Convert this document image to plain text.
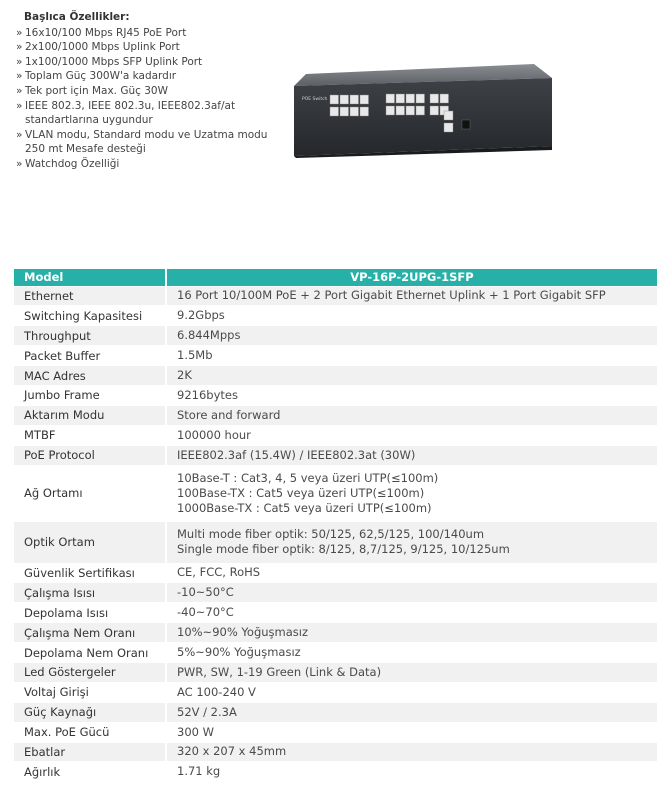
Başlıca Özellikler:
» 16x10/100 Mbps RJ45 PoE Port
» 2x100/1000 Mbps Uplink Port
» 1x100/1000 Mbps SFP Uplink Port
» Toplam Güç 300W'a kadardır
» Tek port için Max. Güç 30W
» IEEE 802.3, IEEE 802.3u, IEEE802.3af/at standartlarına uygundur
» VLAN modu, Standard modu ve Uzatma modu 250 mt Mesafe desteği
» Watchdog Özelliği
POE Switch
Model	VP-16P-2UPG-1SFP
Ethernet	16 Port 10/100M PoE + 2 Port Gigabit Ethernet Uplink + 1 Port Gigabit SFP

Switching Kapasitesi	9.2Gbps

Throughput	6.844Mpps

Packet Buffer	1.5Mb

MAC Adres	2K

Jumbo Frame	9216bytes

Aktarım Modu	Store and forward

MTBF	100000 hour

PoE Protocol	IEEE802.3af (15.4W) / IEEE802.3at (30W)

Ağ Ortamı	10Base-T : Cat3, 4, 5 veya üzeri UTP(≤100m)
100Base-TX : Cat5 veya üzeri UTP(≤100m)
1000Base-TX : Cat5 veya üzeri UTP(≤100m)

Optik Ortam	Multi mode fiber optik: 50/125, 62,5/125, 100/140um
Single mode fiber optik: 8/125, 8,7/125, 9/125, 10/125um

Güvenlik Sertifikası	CE, FCC, RoHS

Çalışma Isısı	-10~50°C

Depolama Isısı	-40~70°C

Çalışma Nem Oranı	10%~90% Yoğuşmasız

Depolama Nem Oranı	5%~90% Yoğuşmasız

Led Göstergeler	PWR, SW, 1-19 Green (Link & Data)

Voltaj Girişi	AC 100-240 V

Güç Kaynağı	52V / 2.3A

Max. PoE Gücü	300 W

Ebatlar	320 x 207 x 45mm

Ağırlık	1.71 kg
